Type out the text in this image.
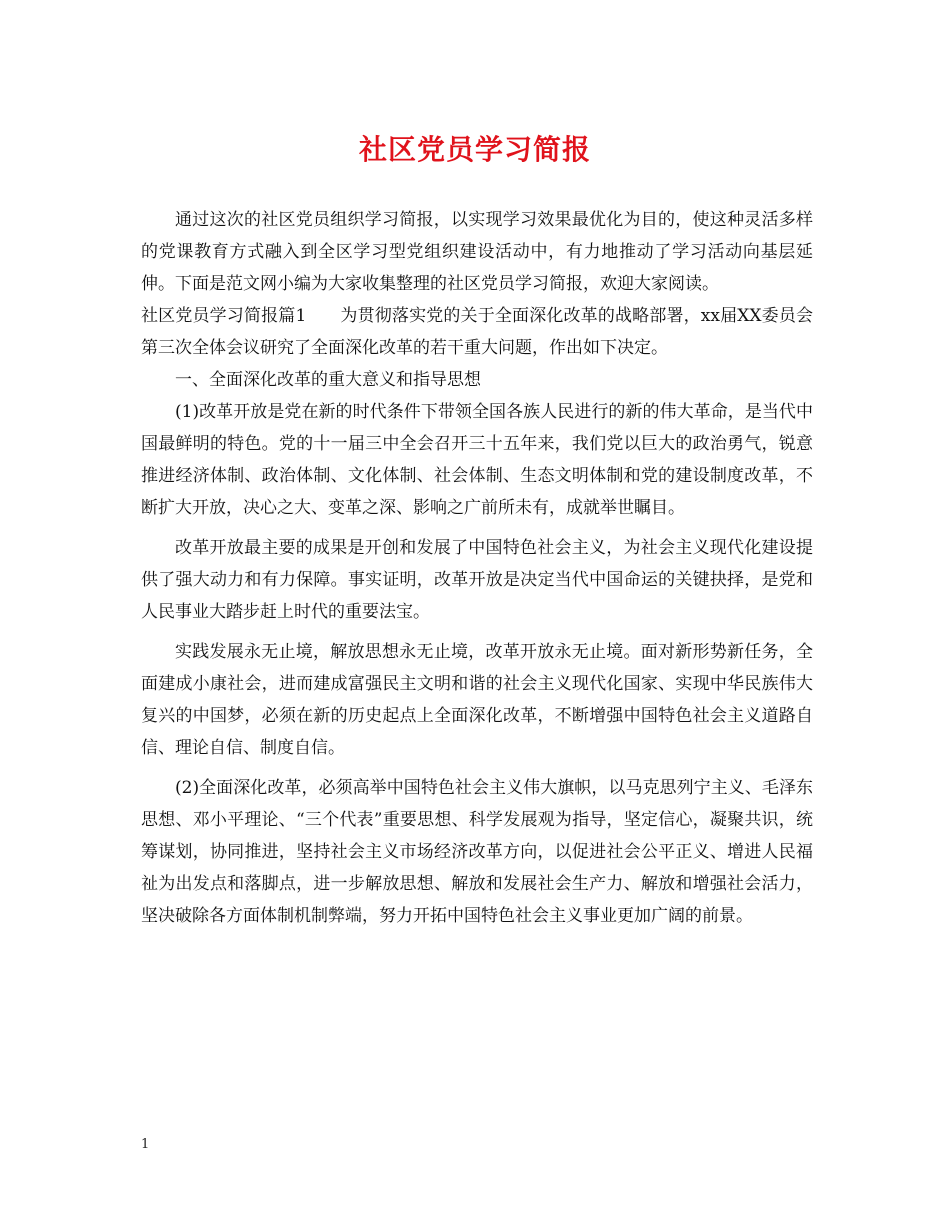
社区党员学习简报

通过这次的社区党员组织学习简报，以实现学习效果最优化为目的，使这种灵活多样的党课教育方式融入到全区学习型党组织建设活动中，有力地推动了学习活动向基层延伸。下面是范文网小编为大家收集整理的社区党员学习简报，欢迎大家阅读。

社区党员学习简报篇1 为贯彻落实党的关于全面深化改革的战略部署，xx届XX委员会第三次全体会议研究了全面深化改革的若干重大问题，作出如下决定。

一、全面深化改革的重大意义和指导思想

(1)改革开放是党在新的时代条件下带领全国各族人民进行的新的伟大革命，是当代中国最鲜明的特色。党的十一届三中全会召开三十五年来，我们党以巨大的政治勇气，锐意推进经济体制、政治体制、文化体制、社会体制、生态文明体制和党的建设制度改革，不断扩大开放，决心之大、变革之深、影响之广前所未有，成就举世瞩目。

改革开放最主要的成果是开创和发展了中国特色社会主义，为社会主义现代化建设提供了强大动力和有力保障。事实证明，改革开放是决定当代中国命运的关键抉择，是党和人民事业大踏步赶上时代的重要法宝。

实践发展永无止境，解放思想永无止境，改革开放永无止境。面对新形势新任务，全面建成小康社会，进而建成富强民主文明和谐的社会主义现代化国家、实现中华民族伟大复兴的中国梦，必须在新的历史起点上全面深化改革，不断增强中国特色社会主义道路自信、理论自信、制度自信。

(2)全面深化改革，必须高举中国特色社会主义伟大旗帜，以马克思列宁主义、毛泽东思想、邓小平理论、“三个代表”重要思想、科学发展观为指导，坚定信心，凝聚共识，统筹谋划，协同推进，坚持社会主义市场经济改革方向，以促进社会公平正义、增进人民福祉为出发点和落脚点，进一步解放思想、解放和发展社会生产力、解放和增强社会活力，坚决破除各方面体制机制弊端，努力开拓中国特色社会主义事业更加广阔的前景。

1
